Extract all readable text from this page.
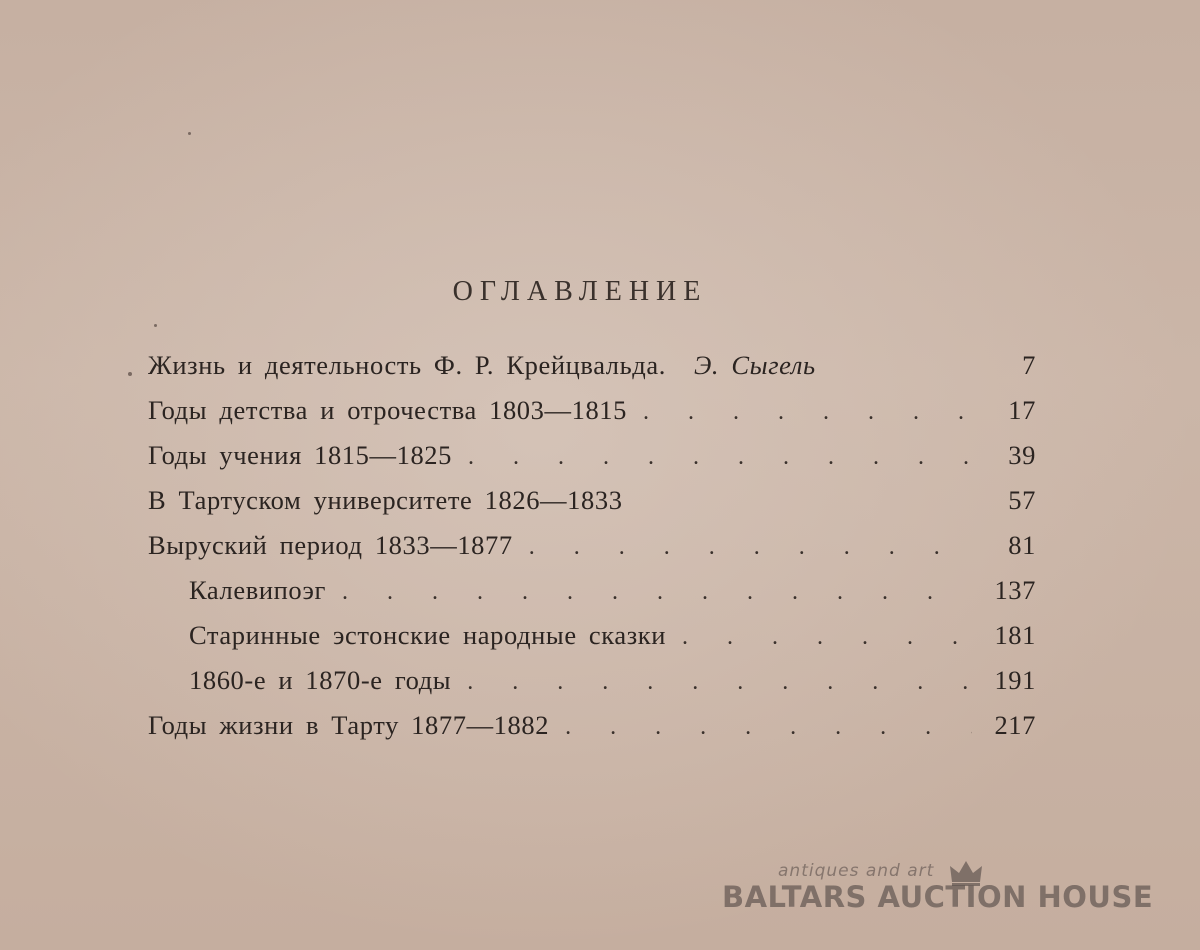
ОГЛАВЛЕНИЕ
Жизнь и деятельность Ф. Р. Крейцвальда. Э. Сыгель	7
Годы детства и отрочества 1803—1815 . . .	17
Годы учения 1815—1825 . . .	39
В Тартуском университете 1826—1833	57
Выруский период 1833—1877 . . .	81
Калевипоэг . . .	137
Старинные эстонские народные сказки . . .	181
1860-е и 1870-е годы . . .	191
Годы жизни в Тарту 1877—1882 . . .	217
antiques and art
BALTARS AUCTION HOUSE
